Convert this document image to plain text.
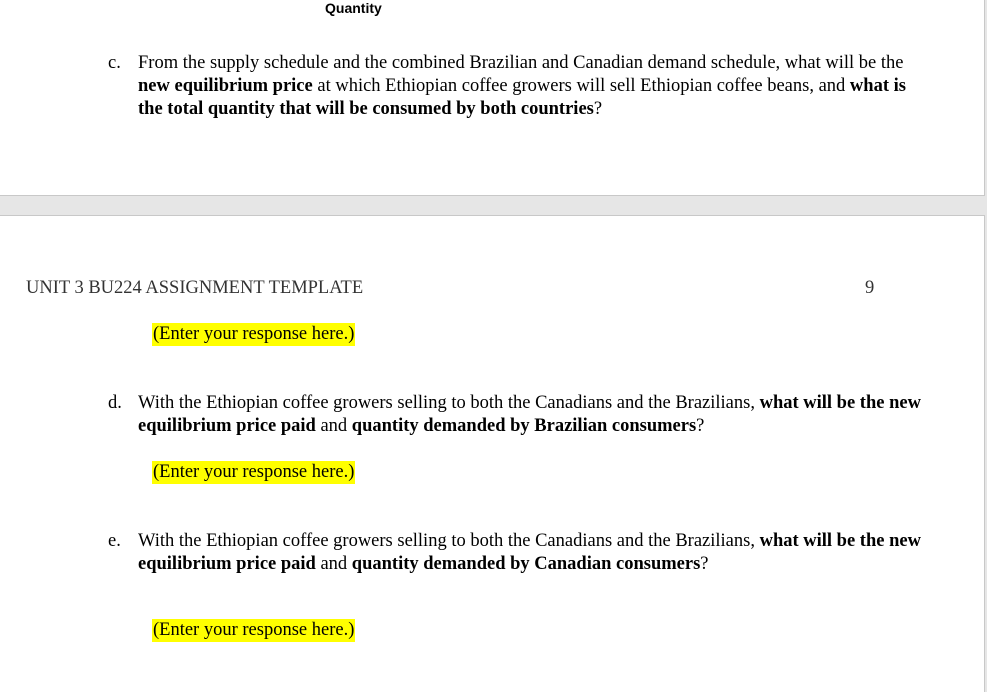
Quantity
c. From the supply schedule and the combined Brazilian and Canadian demand schedule, what will be the new equilibrium price at which Ethiopian coffee growers will sell Ethiopian coffee beans, and what is the total quantity that will be consumed by both countries?
UNIT 3 BU224 ASSIGNMENT TEMPLATE	9
(Enter your response here.)
d. With the Ethiopian coffee growers selling to both the Canadians and the Brazilians, what will be the new equilibrium price paid and quantity demanded by Brazilian consumers?
(Enter your response here.)
e. With the Ethiopian coffee growers selling to both the Canadians and the Brazilians, what will be the new equilibrium price paid and quantity demanded by Canadian consumers?
(Enter your response here.)
